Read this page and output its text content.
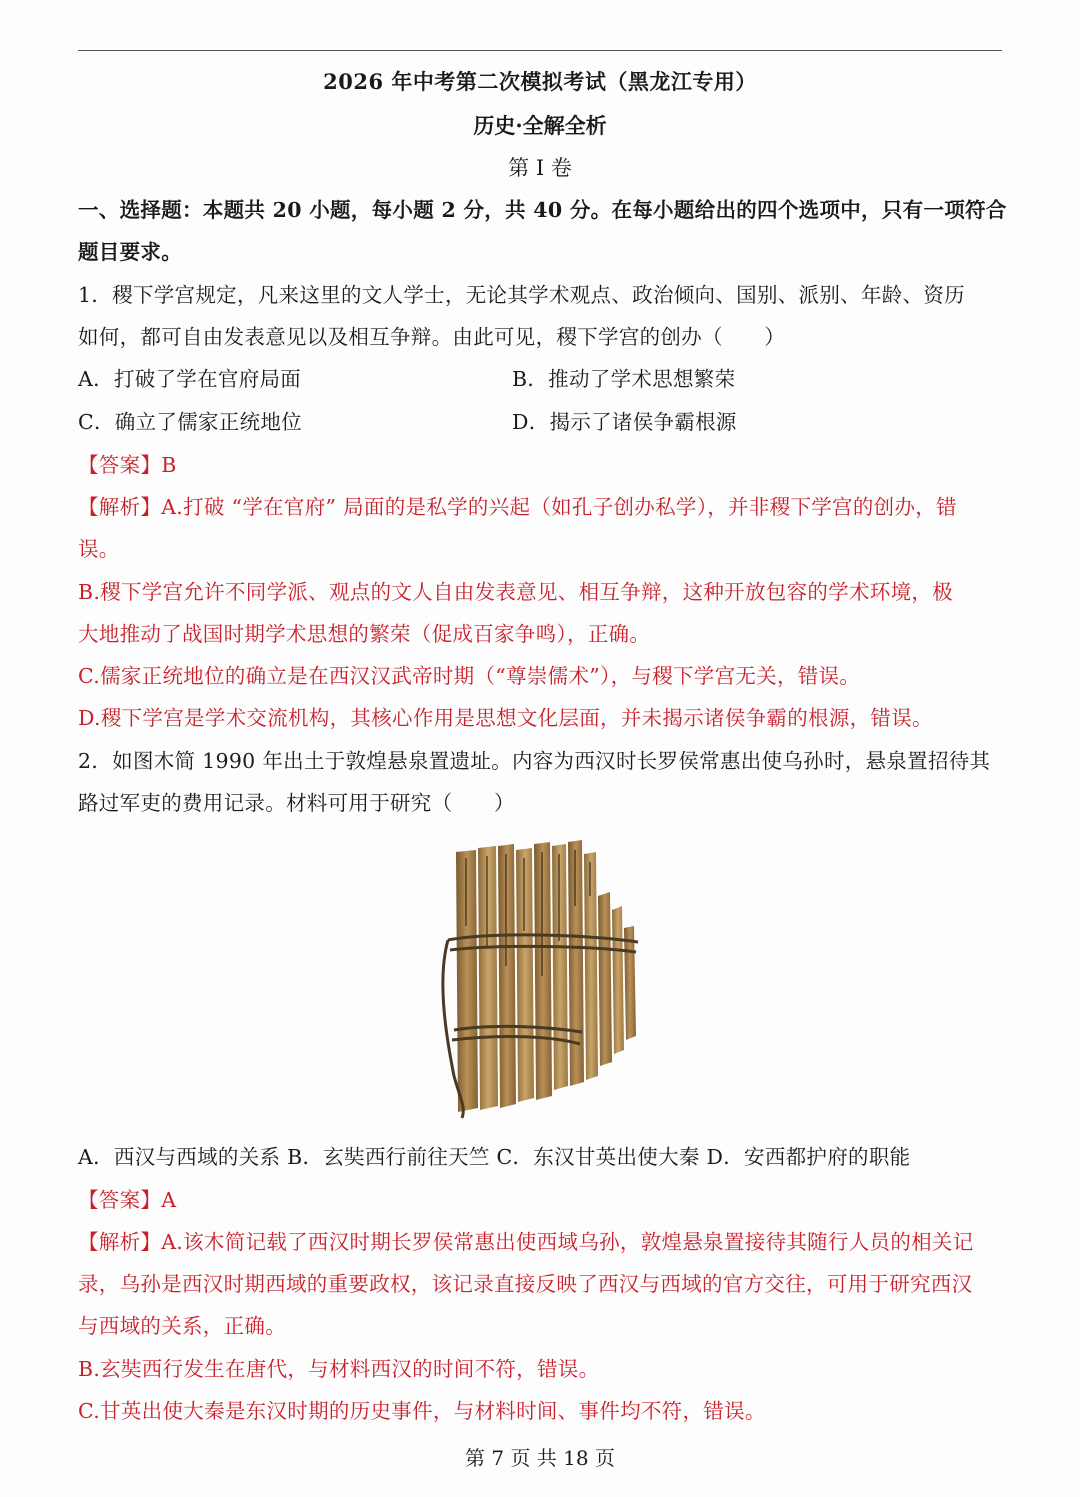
2026 年中考第二次模拟考试（黑龙江专用）
历史·全解全析
第 I 卷
一、选择题：本题共 20 小题，每小题 2 分，共 40 分。在每小题给出的四个选项中，只有一项符合
题目要求。
1．稷下学宫规定，凡来这里的文人学士，无论其学术观点、政治倾向、国别、派别、年龄、资历
如何，都可自由发表意见以及相互争辩。由此可见，稷下学宫的创办（　　）
A．打破了学在官府局面	B．推动了学术思想繁荣
C．确立了儒家正统地位	D．揭示了诸侯争霸根源
【答案】B
【解析】A.打破 “学在官府” 局面的是私学的兴起（如孔子创办私学），并非稷下学宫的创办，错
误。
B.稷下学宫允许不同学派、观点的文人自由发表意见、相互争辩，这种开放包容的学术环境，极
大地推动了战国时期学术思想的繁荣（促成百家争鸣），正确。
C.儒家正统地位的确立是在西汉汉武帝时期（“尊崇儒术”），与稷下学宫无关，错误。
D.稷下学宫是学术交流机构，其核心作用是思想文化层面，并未揭示诸侯争霸的根源，错误。
2．如图木简 1990 年出土于敦煌悬泉置遗址。内容为西汉时长罗侯常惠出使乌孙时，悬泉置招待其
路过军吏的费用记录。材料可用于研究（　　）
A．西汉与西域的关系 B．玄奘西行前往天竺 C．东汉甘英出使大秦 D．安西都护府的职能
【答案】A
【解析】A.该木简记载了西汉时期长罗侯常惠出使西域乌孙，敦煌悬泉置接待其随行人员的相关记
录，乌孙是西汉时期西域的重要政权，该记录直接反映了西汉与西域的官方交往，可用于研究西汉
与西域的关系，正确。
B.玄奘西行发生在唐代，与材料西汉的时间不符，错误。
C.甘英出使大秦是东汉时期的历史事件，与材料时间、事件均不符，错误。
第 7 页 共 18 页
